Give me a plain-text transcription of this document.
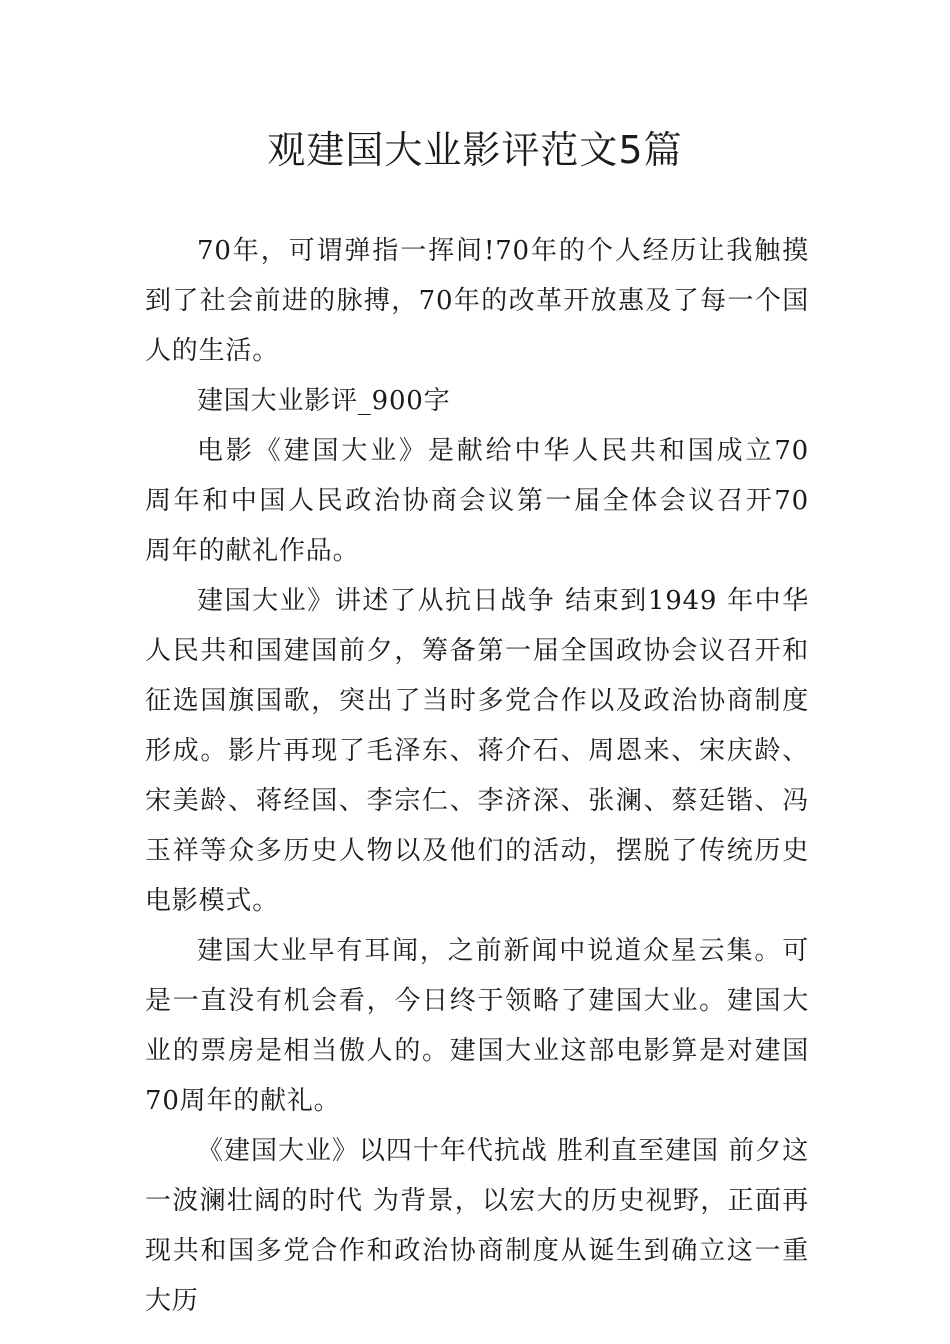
观建国大业影评范文5篇

70年，可谓弹指一挥间!70年的个人经历让我触摸到了社会前进的脉搏，70年的改革开放惠及了每一个国人的生活。

建国大业影评_900字

电影《建国大业》是献给中华人民共和国成立70　周年和中国人民政治协商会议第一届全体会议召开70　周年的献礼作品。

建国大业》讲述了从抗日战争 结束到1949 年中华人民共和国建国前夕，筹备第一届全国政协会议召开和征选国旗国歌，突出了当时多党合作以及政治协商制度形成。影片再现了毛泽东、蒋介石、周恩来、宋庆龄、宋美龄、蒋经国、李宗仁、李济深、张澜、蔡廷锴、冯玉祥等众多历史人物以及他们的活动，摆脱了传统历史电影模式。

建国大业早有耳闻，之前新闻中说道众星云集。可是一直没有机会看，今日终于领略了建国大业。建国大业的票房是相当傲人的。建国大业这部电影算是对建国70周年的献礼。

《建国大业》以四十年代抗战 胜利直至建国 前夕这一波澜壮阔的时代 为背景，以宏大的历史视野，正面再现共和国多党合作和政治协商制度从诞生到确立这一重大历
